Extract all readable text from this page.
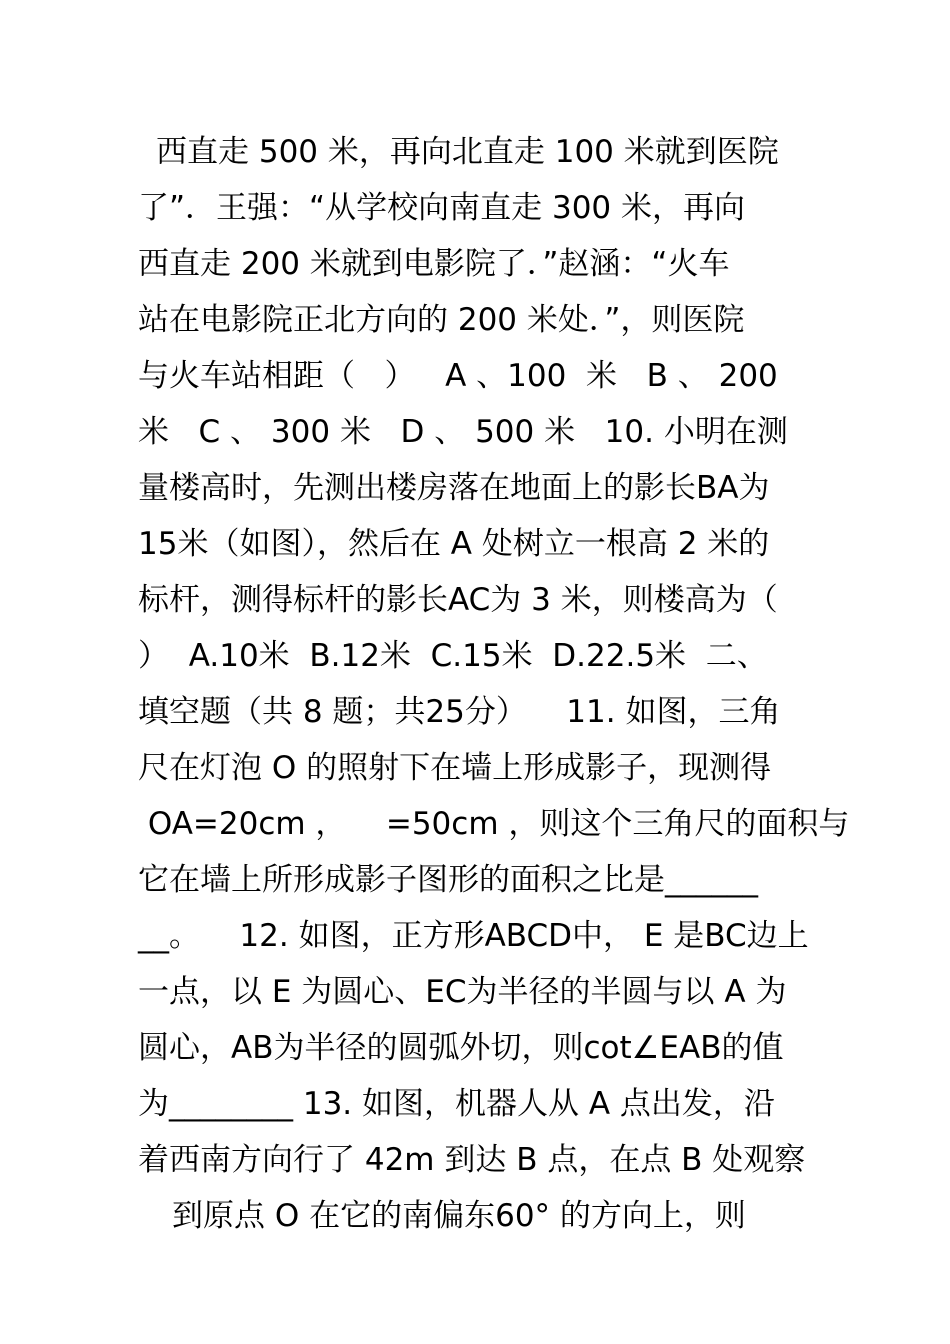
西直走 500 米，再向北直走 100 米就到医院
了”．王强：“从学校向南直走 300 米，再向
西直走 200 米就到电影院了．”赵涵：“火车
站在电影院正北方向的 200 米处．”，则医院
与火车站相距（   ）   A 、100  米   B 、 200
米   C 、 300 米   D 、 500 米   10. 小明在测
量楼高时，先测出楼房落在地面上的影长BA为
15米（如图），然后在 A 处树立一根高 2 米的
标杆，测得标杆的影长AC为 3 米，则楼高为（
）  A.10米  B.12米  C.15米  D.22.5米  二、
填空题（共 8 题；共25分）    11. 如图，三角
尺在灯泡 O 的照射下在墙上形成影子，现测得
OA=20cm ，    =50cm ，则这个三角尺的面积与
它在墙上所形成影子图形的面积之比是______
__。    12. 如图，正方形ABCD中， E 是BC边上
一点，以 E 为圆心、EC为半径的半圆与以 A 为
圆心，AB为半径的圆弧外切，则cot∠EAB的值
为________ 13. 如图，机器人从 A 点出发，沿
着西南方向行了 42m 到达 B 点，在点 B 处观察
到原点 O 在它的南偏东60° 的方向上，则
